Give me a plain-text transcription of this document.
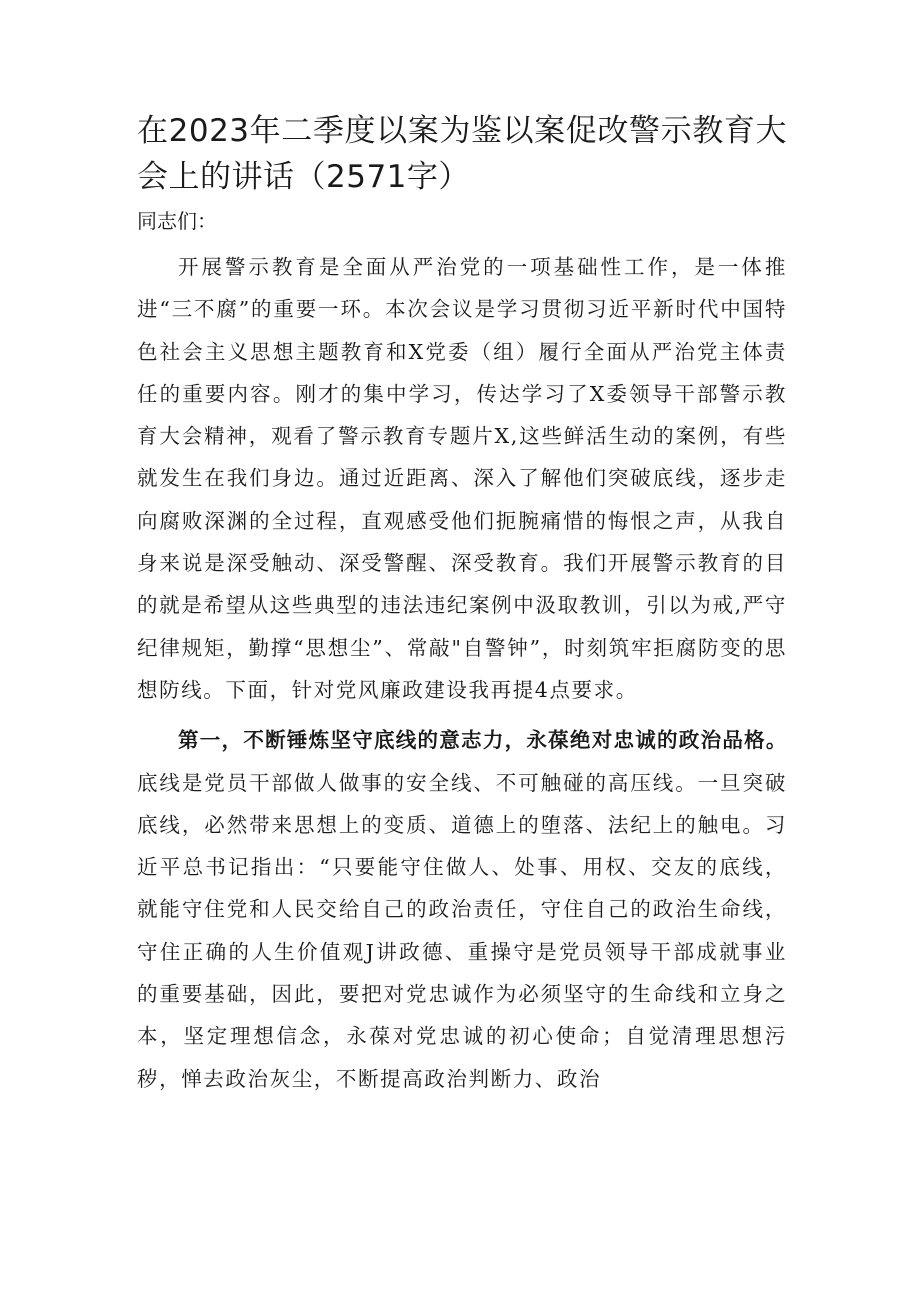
在2023年二季度以案为鉴以案促改警示教育大会上的讲话（2571字）

同志们：

开展警示教育是全面从严治党的一项基础性工作，是一体推进“三不腐”的重要一环。本次会议是学习贯彻习近平新时代中国特色社会主义思想主题教育和X党委（组）履行全面从严治党主体责任的重要内容。刚才的集中学习，传达学习了X委领导干部警示教育大会精神，观看了警示教育专题片X,这些鲜活生动的案例，有些就发生在我们身边。通过近距离、深入了解他们突破底线，逐步走向腐败深渊的全过程，直观感受他们扼腕痛惜的悔恨之声，从我自身来说是深受触动、深受警醒、深受教育。我们开展警示教育的目的就是希望从这些典型的违法违纪案例中汲取教训，引以为戒,严守纪律规矩，勤撑“思想尘”、常敲"自警钟”，时刻筑牢拒腐防变的思想防线。下面，针对党风廉政建设我再提4点要求。

第一，不断锤炼坚守底线的意志力，永葆绝对忠诚的政治品格。底线是党员干部做人做事的安全线、不可触碰的高压线。一旦突破底线，必然带来思想上的变质、道德上的堕落、法纪上的触电。习近平总书记指出：“只要能守住做人、处事、用权、交友的底线，就能守住党和人民交给自己的政治责任，守住自己的政治生命线，守住正确的人生价值观J讲政德、重操守是党员领导干部成就事业的重要基础，因此，要把对党忠诚作为必须坚守的生命线和立身之本，坚定理想信念，永葆对党忠诚的初心使命；自觉清理思想污秽，惮去政治灰尘，不断提高政治判断力、政治
